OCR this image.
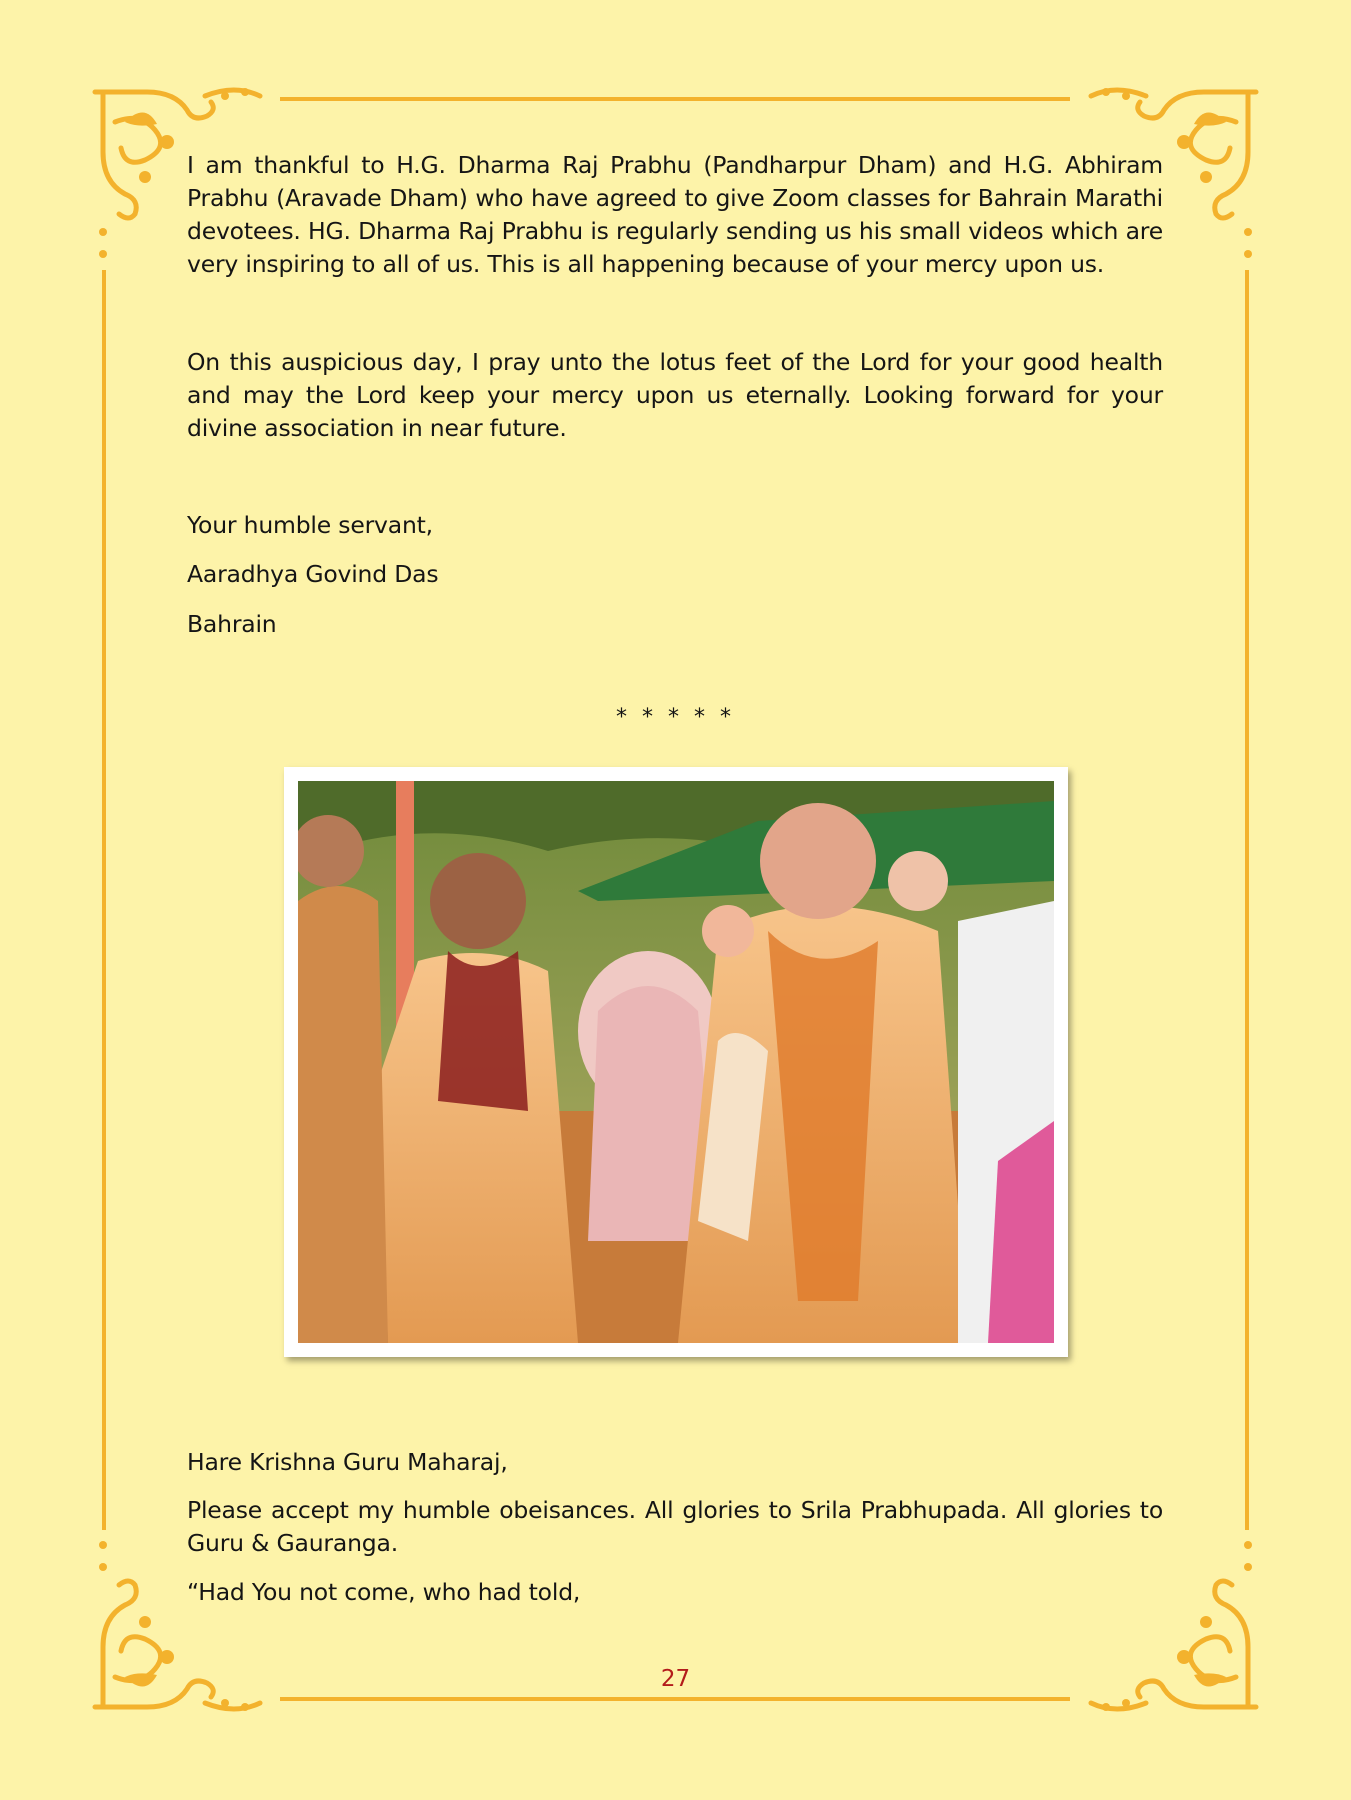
I am thankful to H.G. Dharma Raj Prabhu (Pandharpur Dham) and H.G. Abhiram Prabhu (Aravade Dham) who have agreed to give Zoom classes for Bahrain Marathi devotees. HG. Dharma Raj Prabhu is regularly sending us his small videos which are very inspiring to all of us. This is all happening because of your mercy upon us.

On this auspicious day, I pray unto the lotus feet of the Lord for your good health and may the Lord keep your mercy upon us eternally. Looking forward for your divine association in near future.

Your humble servant,
Aaradhya Govind Das
Bahrain
* * * * *
Hare Krishna Guru Maharaj,

Please accept my humble obeisances. All glories to Srila Prabhupada. All glories to Guru & Gauranga.

“Had You not come, who had told,
27
